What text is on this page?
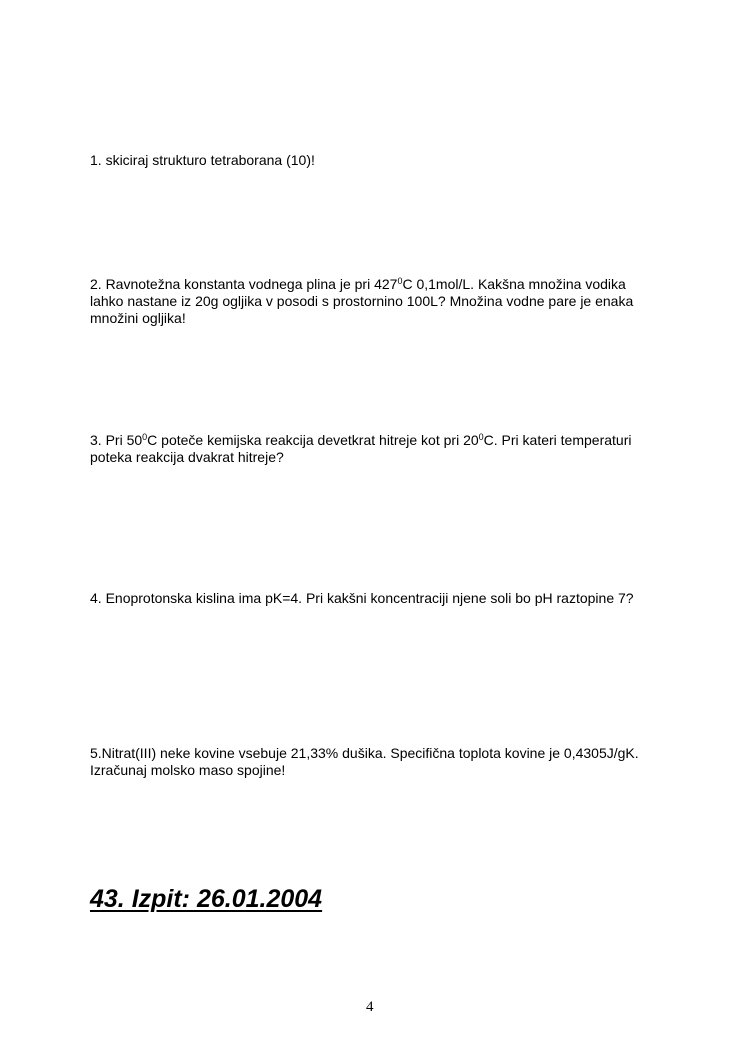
1. skiciraj strukturo tetraborana (10)!

2. Ravnotežna konstanta vodnega plina je pri $427^0C$ 0,1mol/L. Kakšna množina vodika lahko nastane iz 20g ogljika v posodi s prostornino 100L? Množina vodne pare je enaka množini ogljika!

3. Pri $50^0C$ poteče kemijska reakcija devetkrat hitreje kot pri $20^0C$. Pri kateri temperaturi poteka reakcija dvakrat hitreje?

4. Enoprotonska kislina ima pK=4. Pri kakšni koncentraciji njene soli bo pH raztopine 7?

5.Nitrat(III) neke kovine vsebuje 21,33% dušika. Specifična toplota kovine je 0,4305J/gK. Izračunaj molsko maso spojine!

43. Izpit: 26.01.2004
4
